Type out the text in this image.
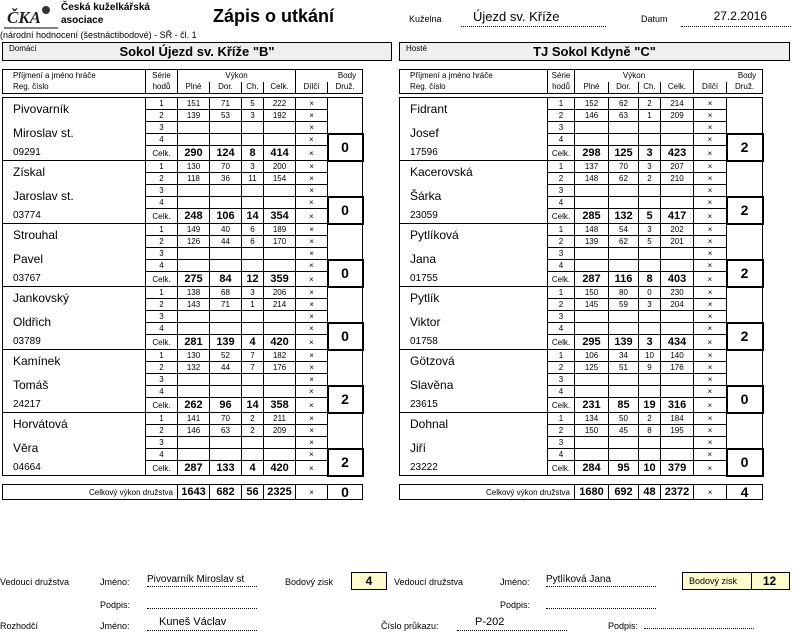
ČKA
Česká kuželkářská
asociace	Zápis o utkání	Kuželna	Újezd sv. Kříže	Datum	27.2.2016
(národní hodnocení (šestnáctibodové) - SŘ - čl. 1
Domácí	Sokol Újezd sv. Kříže "B"	Hosté	TJ Sokol Kdyně "C"
Příjmení a jméno hráče	Série	Výkon				Body	
Reg. číslo	hodů	Plné	Dor.	Ch.	Celk.	Dílčí	Druž.

Pivovarník	1	151	71	5	222	×	
	2	139	53	3	192	×	
Miroslav st.	3					×	
	4					×	0
09291	Celk.	290	124	8	414	×	
Získal	1	130	70	3	200	×	
	2	118	36	11	154	×	
Jaroslav st.	3					×	
	4					×	0
03774	Celk.	248	106	14	354	×	
Strouhal	1	149	40	6	189	×	
	2	126	44	6	170	×	
Pavel	3					×	
	4					×	0
03767	Celk.	275	84	12	359	×	
Jankovský	1	138	68	3	206	×	
	2	143	71	1	214	×	
Oldřich	3					×	
	4					×	0
03789	Celk.	281	139	4	420	×	
Kamínek	1	130	52	7	182	×	
	2	132	44	7	176	×	
Tomáš	3					×	
	4					×	2
24217	Celk.	262	96	14	358	×	
Horvátová	1	141	70	2	211	×	
	2	146	63	2	209	×	
Věra	3					×	
	4					×	2
04664	Celk.	287	133	4	420	×	

Celkový výkon družstva		1643	682	56	2325	×	0
Příjmení a jméno hráče	Série	Výkon				Body	
Reg. číslo	hodů	Plné	Dor.	Ch.	Celk.	Dílčí	Druž.

Fidrant	1	152	62	2	214	×	
	2	146	63	1	209	×	
Josef	3					×	
	4					×	2
17596	Celk.	298	125	3	423	×	
Kacerovská	1	137	70	3	207	×	
	2	148	62	2	210	×	
Šárka	3					×	
	4					×	2
23059	Celk.	285	132	5	417	×	
Pytlíková	1	148	54	3	202	×	
	2	139	62	5	201	×	
Jana	3					×	
	4					×	2
01755	Celk.	287	116	8	403	×	
Pytlík	1	150	80	0	230	×	
	2	145	59	3	204	×	
Viktor	3					×	
	4					×	2
01758	Celk.	295	139	3	434	×	
Götzová	1	106	34	10	140	×	
	2	125	51	9	176	×	
Slavěna	3					×	
	4					×	0
23615	Celk.	231	85	19	316	×	
Dohnal	1	134	50	2	184	×	
	2	150	45	8	195	×	
Jiří	3					×	
	4					×	0
23222	Celk.	284	95	10	379	×	

Celkový výkon družstva		1680	692	48	2372	×	4
Vedoucí družstva	Jméno: Pivovarník Miroslav st	Bodový zisk	4
Podpis:
Vedoucí družstva	Jméno: Pytlíková Jana	Bodový zisk	12
Podpis:
Rozhodčí	Jméno:	Kuneš Václav	Číslo průkazu:	P-202	Podpis:
